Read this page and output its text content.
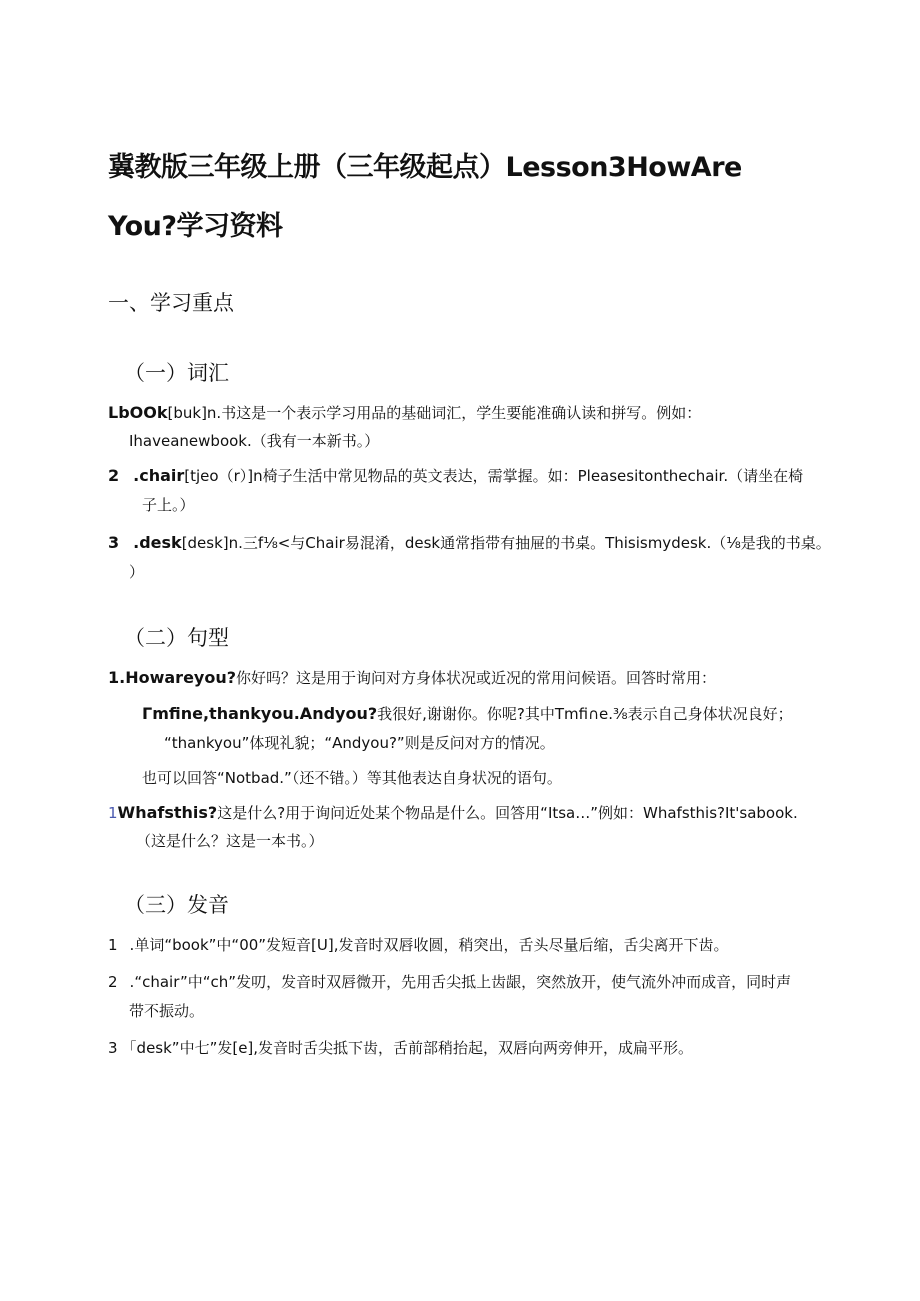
冀教版三年级上册（三年级起点）Lesson3HowAre
You?学习资料
一、学习重点
（一）词汇
LbOOk[buk]n.书这是一个表示学习用品的基础词汇，学生要能准确认读和拼写。例如：
Ihaveanewbook.（我有一本新书。）
2 .chair[tjeo（r）]n椅子生活中常见物品的英文表达，需掌握。如：Pleasesitonthechair.（请坐在椅
子上。）
3 .desk[desk]n.三f⅛<与Chair易混淆，desk通常指带有抽屉的书桌。Thisismydesk.（⅛是我的书桌。
）
（二）句型
1.Howareyou?你好吗？这是用于询问对方身体状况或近况的常用问候语。回答时常用：
Γmfine,thankyou.Andyou?我很好,谢谢你。你呢?其中Tmfi∩e.⅜表示自己身体状况良好；
“thankyou”体现礼貌；“Andyou?”则是反问对方的情况。
也可以回答“Notbad.”（还不错。）等其他表达自身状况的语句。
1Whafsthis?这是什么?用于询问近处某个物品是什么。回答用“Itsa…”例如：Whafsthis?It'sabook.
（这是什么？这是一本书。）
（三）发音
1 .单词“book”中“00”发短音[U],发音时双唇收圆，稍突出，舌头尽量后缩，舌尖离开下齿。
2 .“chair”中“ch”发叨，发音时双唇微开，先用舌尖抵上齿龈，突然放开，使气流外冲而成音，同时声
带不振动。
3 「desk”中七”发[e],发音时舌尖抵下齿，舌前部稍抬起，双唇向两旁伸开，成扁平形。
